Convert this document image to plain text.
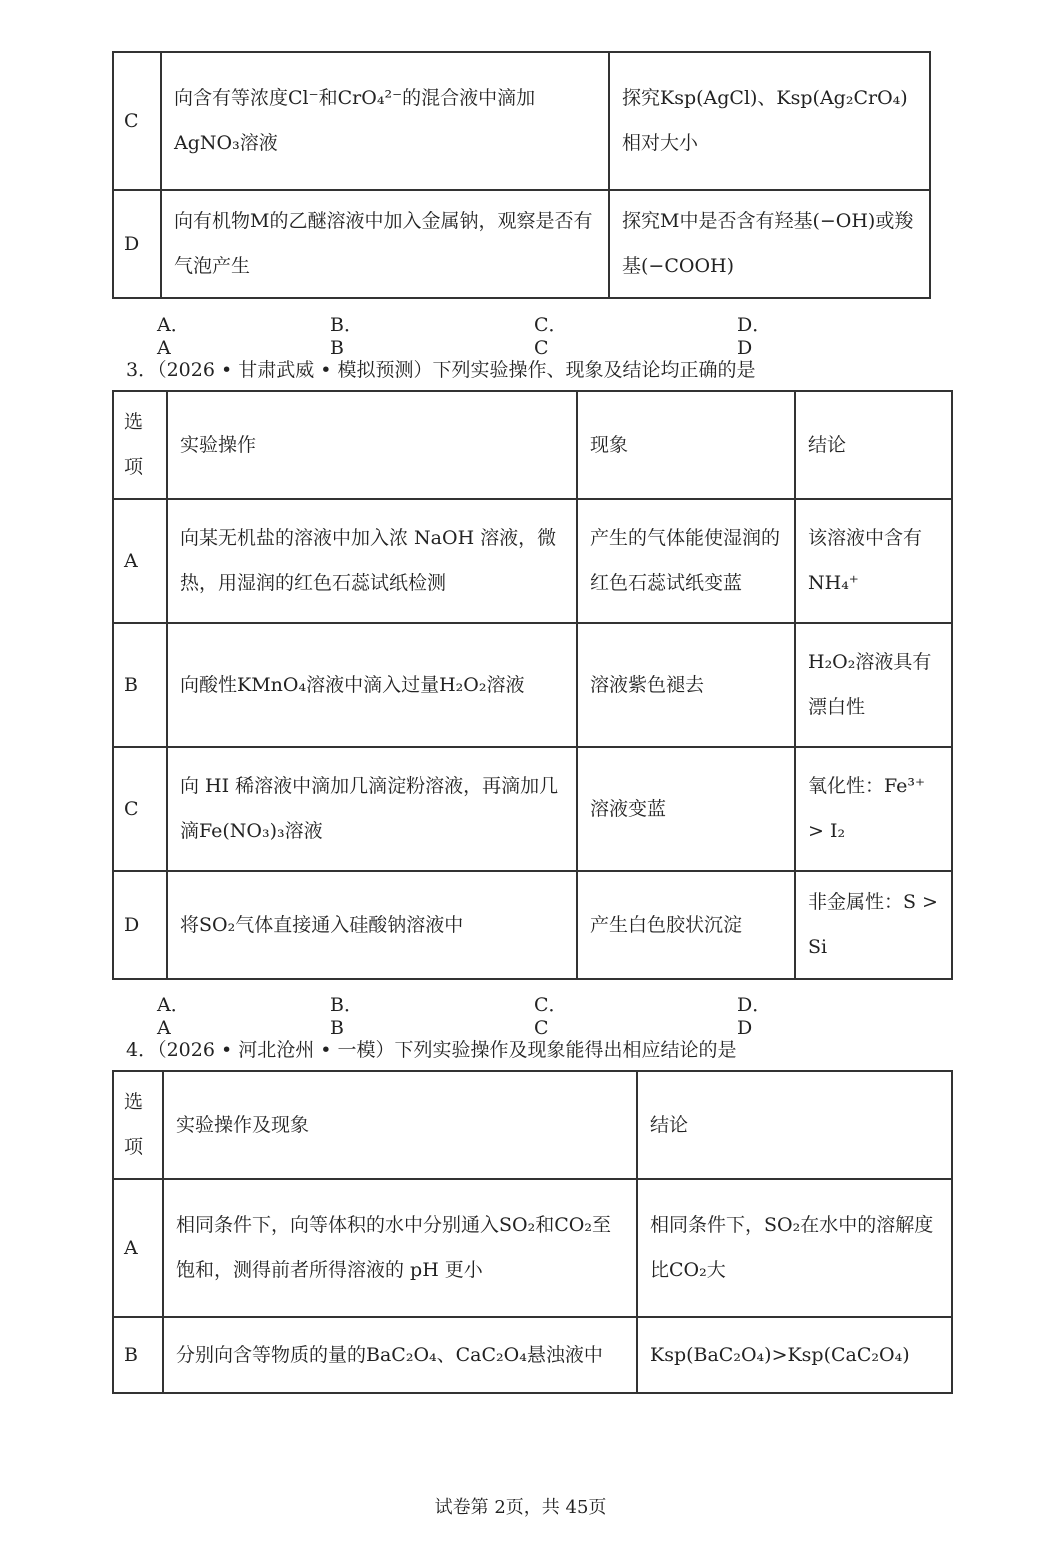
C	向含有等浓度Cl⁻和CrO₄²⁻的混合液中滴加AgNO₃溶液	探究Ksp(AgCl)、Ksp(Ag₂CrO₄)相对大小
D	向有机物M的乙醚溶液中加入金属钠，观察是否有气泡产生	探究M中是否含有羟基(−OH)或羧基(−COOH)
A．A
B．B
C．C
D．D
3．（2026 • 甘肃武威 • 模拟预测）下列实验操作、现象及结论均正确的是
选项	实验操作	现象	结论
A	向某无机盐的溶液中加入浓 NaOH 溶液，微热，用湿润的红色石蕊试纸检测	产生的气体能使湿润的红色石蕊试纸变蓝	该溶液中含有NH₄⁺
B	向酸性KMnO₄溶液中滴入过量H₂O₂溶液	溶液紫色褪去	H₂O₂溶液具有漂白性
C	向 HI 稀溶液中滴加几滴淀粉溶液，再滴加几滴Fe(NO₃)₃溶液	溶液变蓝	氧化性：Fe³⁺ > I₂
D	将SO₂气体直接通入硅酸钠溶液中	产生白色胶状沉淀	非金属性：S > Si
A．A
B．B
C．C
D．D
4．（2026 • 河北沧州 • 一模）下列实验操作及现象能得出相应结论的是
选项	实验操作及现象	结论
A	相同条件下，向等体积的水中分别通入SO₂和CO₂至饱和，测得前者所得溶液的 pH 更小	相同条件下，SO₂在水中的溶解度比CO₂大
B	分别向含等物质的量的BaC₂O₄、CaC₂O₄悬浊液中	Ksp(BaC₂O₄)>Ksp(CaC₂O₄)
试卷第 2页，共 45页
